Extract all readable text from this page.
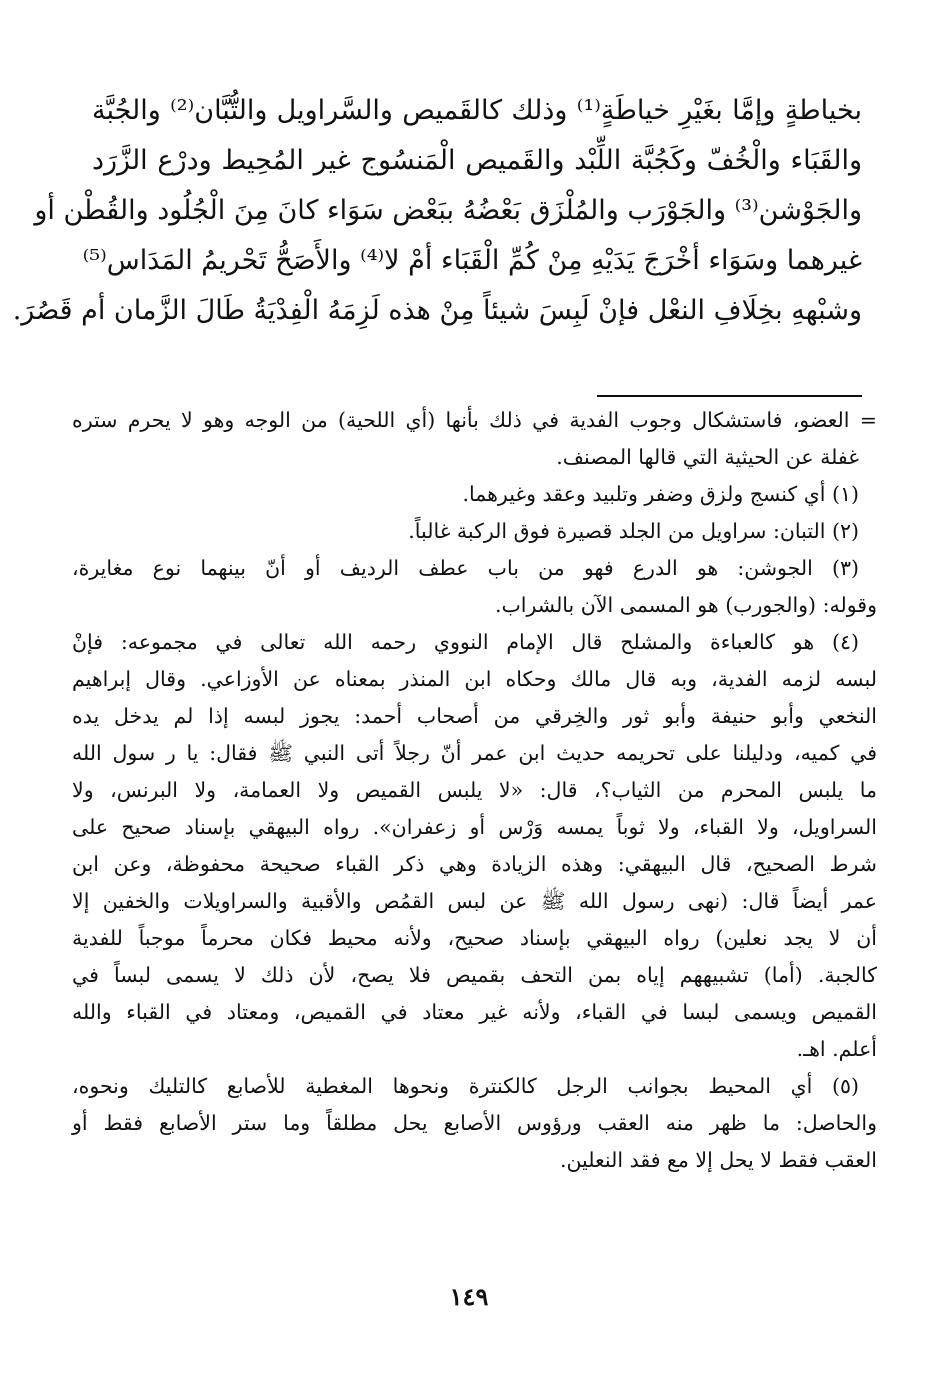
بخياطةٍ وإمَّا بغَيْرِ خياطَةٍ⁽¹⁾ وذلك كالقَميص والسَّراويل والتُّبَّان⁽²⁾ والجُبَّة
والقَبَاء والْخُفّ وكَجُبَّة اللِّبْد والقَميص الْمَنسُوج غير المُحِيط ودرْع الزَّرَد
والجَوْشن⁽³⁾ والجَوْرَب والمُلْزَق بَعْضُهُ ببَعْض سَوَاء كانَ مِنَ الْجُلُود والقُطْن أو
غيرهما وسَوَاء أخْرَجَ يَدَيْهِ مِنْ كُمِّ الْقَبَاء أمْ لا⁽⁴⁾ والأَصَحُّ تَحْريمُ المَدَاس⁽⁵⁾
وشبْههِ بخِلَافِ النعْل فإنْ لَبِسَ شيئاً مِنْ هذه لَزِمَهُ الْفِدْيَةُ طَالَ الزَّمان أم قَصُرَ.
= العضو، فاستشكال وجوب الفدية في ذلك بأنها (أي اللحية) من الوجه وهو لا يحرم ستره
غفلة عن الحيثية التي قالها المصنف.
(١) أي كنسج ولزق وضفر وتلبيد وعقد وغيرهما.
(٢) التبان: سراويل من الجلد قصيرة فوق الركبة غالباً.
(٣) الجوشن: هو الدرع فهو من باب عطف الرديف أو أنّ بينهما نوع مغايرة،
وقوله: (والجورب) هو المسمى الآن بالشراب.
(٤) هو كالعباءة والمشلح قال الإمام النووي رحمه الله تعالى في مجموعه: فإنْ
لبسه لزمه الفدية، وبه قال مالك وحكاه ابن المنذر بمعناه عن الأوزاعي. وقال إبراهيم
النخعي وأبو حنيفة وأبو ثور والخِرقي من أصحاب أحمد: يجوز لبسه إذا لم يدخل يده
في كميه، ودليلنا على تحريمه حديث ابن عمر أنّ رجلاً أتى النبي ﷺ فقال: يا ر سول الله
ما يلبس المحرم من الثياب؟، قال: «لا يلبس القميص ولا العمامة، ولا البرنس، ولا
السراويل، ولا القباء، ولا ثوباً يمسه وَرْس أو زعفران». رواه البيهقي بإسناد صحيح على
شرط الصحيح، قال البيهقي: وهذه الزيادة وهي ذكر القباء صحيحة محفوظة، وعن ابن
عمر أيضاً قال: (نهى رسول الله ﷺ عن لبس القمُص والأقبية والسراويلات والخفين إلا
أن لا يجد نعلين) رواه البيهقي بإسناد صحيح، ولأنه محيط فكان محرماً موجباً للفدية
كالجبة. (أما) تشبيههم إياه بمن التحف بقميص فلا يصح، لأن ذلك لا يسمى لبساً في
القميص ويسمى لبسا في القباء، ولأنه غير معتاد في القميص، ومعتاد في القباء والله
أعلم. اهـ.
(٥) أي المحيط بجوانب الرجل كالكنترة ونحوها المغطية للأصابع كالتليك ونحوه،
والحاصل: ما ظهر منه العقب ورؤوس الأصابع يحل مطلقاً وما ستر الأصابع فقط أو
العقب فقط لا يحل إلا مع فقد النعلين.
١٤٩
